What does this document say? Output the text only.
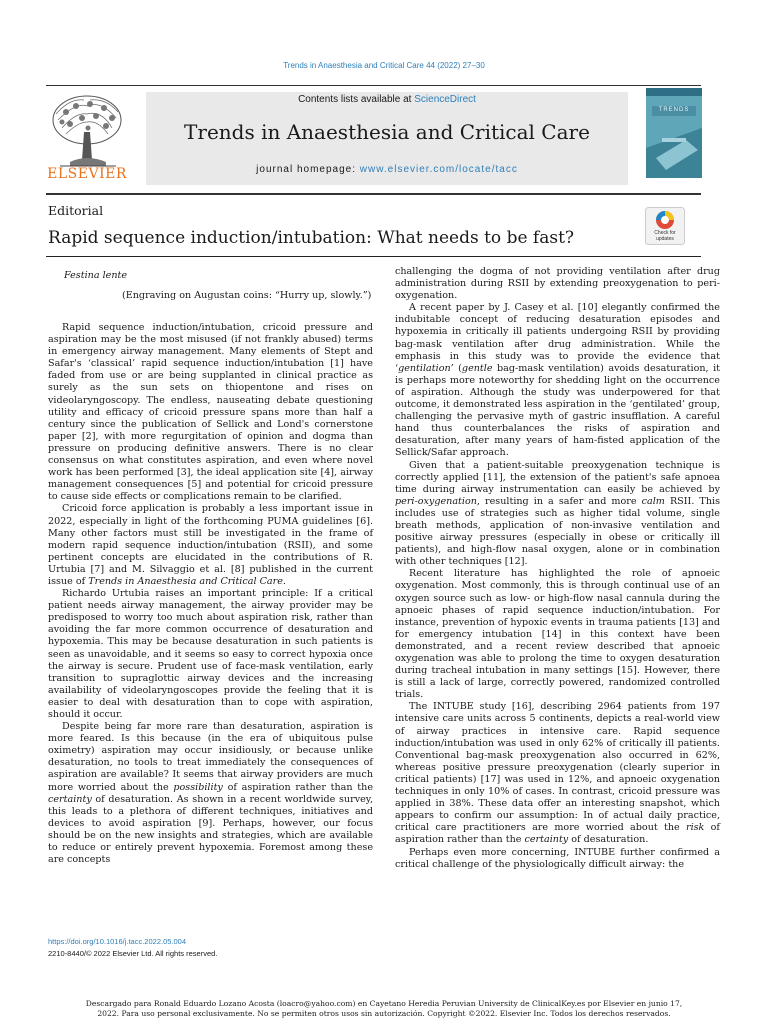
Trends in Anaesthesia and Critical Care 44 (2022) 27–30
ELSEVIER
Contents lists available at ScienceDirect
Trends in Anaesthesia and Critical Care
journal homepage: www.elsevier.com/locate/tacc
TRENDS
Editorial
Rapid sequence induction/intubation: What needs to be fast?	Check for
updates
Festina lente
(Engraving on Augustan coins: “Hurry up, slowly.”)

Rapid sequence induction/intubation, cricoid pressure and aspiration may be the most misused (if not frankly abused) terms in emergency airway management. Many elements of Stept and Safar's ‘classical’ rapid sequence induction/intubation [1] have faded from use or are being supplanted in clinical practice as surely as the sun sets on thiopentone and rises on videolaryngoscopy. The endless, nauseating debate questioning utility and efficacy of cricoid pressure spans more than half a century since the publication of Sellick and Lond's cornerstone paper [2], with more regurgitation of opinion and dogma than pressure on producing definitive answers. There is no clear consensus on what constitutes aspiration, and even where novel work has been performed [3], the ideal application site [4], airway management consequences [5] and potential for cricoid pressure to cause side effects or complications remain to be clarified.

Cricoid force application is probably a less important issue in 2022, especially in light of the forthcoming PUMA guidelines [6]. Many other factors must still be investigated in the frame of modern rapid sequence induction/intubation (RSII), and some pertinent concepts are elucidated in the contributions of R. Urtubia [7] and M. Silvaggio et al. [8] published in the current issue of Trends in Anaesthesia and Critical Care.

Richardo Urtubia raises an important principle: If a critical patient needs airway management, the airway provider may be predisposed to worry too much about aspiration risk, rather than avoiding the far more common occurrence of desaturation and hypoxemia. This may be because desaturation in such patients is seen as unavoidable, and it seems so easy to correct hypoxia once the airway is secure. Prudent use of face-mask ventilation, early transition to supraglottic airway devices and the increasing availability of videolaryngoscopes provide the feeling that it is easier to deal with desaturation than to cope with aspiration, should it occur.

Despite being far more rare than desaturation, aspiration is more feared. Is this because (in the era of ubiquitous pulse oximetry) aspiration may occur insidiously, or because unlike desaturation, no tools to treat immediately the consequences of aspiration are available? It seems that airway providers are much more worried about the possibility of aspiration rather than the certainty of desaturation. As shown in a recent worldwide survey, this leads to a plethora of different techniques, initiatives and devices to avoid aspiration [9]. Perhaps, however, our focus should be on the new insights and strategies, which are available to reduce or entirely prevent hypoxemia. Foremost among these are concepts

challenging the dogma of not providing ventilation after drug administration during RSII by extending preoxygenation to peri-oxygenation.

A recent paper by J. Casey et al. [10] elegantly confirmed the indubitable concept of reducing desaturation episodes and hypoxemia in critically ill patients undergoing RSII by providing bag-mask ventilation after drug administration. While the emphasis in this study was to provide the evidence that ‘gentilation’ (gentle bag-mask ventilation) avoids desaturation, it is perhaps more noteworthy for shedding light on the occurrence of aspiration. Although the study was underpowered for that outcome, it demonstrated less aspiration in the ‘gentilated’ group, challenging the pervasive myth of gastric insufflation. A careful hand thus counterbalances the risks of aspiration and desaturation, after many years of ham-fisted application of the Sellick/Safar approach.

Given that a patient-suitable preoxygenation technique is correctly applied [11], the extension of the patient's safe apnoea time during airway instrumentation can easily be achieved by peri-oxygenation, resulting in a safer and more calm RSII. This includes use of strategies such as higher tidal volume, single breath methods, application of non-invasive ventilation and positive airway pressures (especially in obese or critically ill patients), and high-flow nasal oxygen, alone or in combination with other techniques [12].

Recent literature has highlighted the role of apnoeic oxygenation. Most commonly, this is through continual use of an oxygen source such as low- or high-flow nasal cannula during the apnoeic phases of rapid sequence induction/intubation. For instance, prevention of hypoxic events in trauma patients [13] and for emergency intubation [14] in this context have been demonstrated, and a recent review described that apnoeic oxygenation was able to prolong the time to oxygen desaturation during tracheal intubation in many settings [15]. However, there is still a lack of large, correctly powered, randomized controlled trials.

The INTUBE study [16], describing 2964 patients from 197 intensive care units across 5 continents, depicts a real-world view of airway practices in intensive care. Rapid sequence induction/intubation was used in only 62% of critically ill patients. Conventional bag-mask preoxygenation also occurred in 62%, whereas positive pressure preoxygenation (clearly superior in critical patients) [17] was used in 12%, and apnoeic oxygenation techniques in only 10% of cases. In contrast, cricoid pressure was applied in 38%. These data offer an interesting snapshot, which appears to confirm our assumption: In of actual daily practice, critical care practitioners are more worried about the risk of aspiration rather than the certainty of desaturation.

Perhaps even more concerning, INTUBE further confirmed a critical challenge of the physiologically difficult airway: the

https://doi.org/10.1016/j.tacc.2022.05.004
2210-8440/© 2022 Elsevier Ltd. All rights reserved.
Descargado para Ronald Eduardo Lozano Acosta (loacro@yahoo.com) en Cayetano Heredia Peruvian University de ClinicalKey.es por Elsevier en junio 17,
2022. Para uso personal exclusivamente. No se permiten otros usos sin autorización. Copyright ©2022. Elsevier Inc. Todos los derechos reservados.
